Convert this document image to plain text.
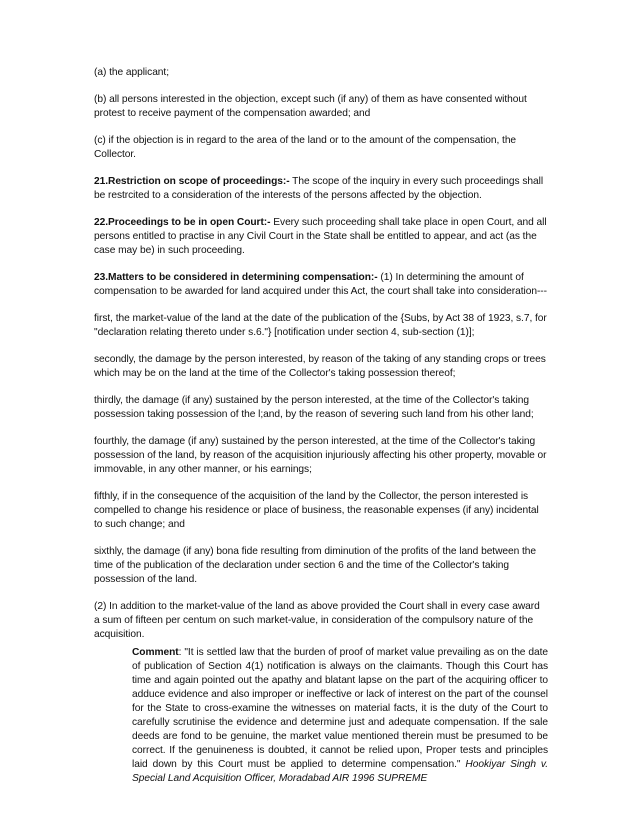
(a) the applicant;

(b) all persons interested in the objection, except such (if any) of them as have consented without protest to receive payment of the compensation awarded; and

(c) if the objection is in regard to the area of the land or to the amount of the compensation, the Collector.

21.Restriction on scope of proceedings:- The scope of the inquiry in every such proceedings shall be restrcited to a consideration of the interests of the persons affected by the objection.

22.Proceedings to be in open Court:- Every such proceeding shall take place in open Court, and all persons entitled to practise in any Civil Court in the State shall be entitled to appear, and act (as the case may be) in such proceeding.

23.Matters to be considered in determining compensation:- (1) In determining the amount of compensation to be awarded for land acquired under this Act, the court shall take into consideration---

first, the market-value of the land at the date of the publication of the {Subs, by Act 38 of 1923, s.7, for "declaration relating thereto under s.6."} [notification under section 4, sub-section (1)];

secondly, the damage by the person interested, by reason of the taking of any standing crops or trees which may be on the land at the time of the Collector's taking possession thereof;

thirdly, the damage (if any) sustained by the person interested, at the time of the Collector's taking possession taking possession of the l;and, by the reason of severing such land from his other land;

fourthly, the damage (if any) sustained by the person interested, at the time of the Collector's taking possession of the land, by reason of the acquisition injuriously affecting his other property, movable or immovable, in any other manner, or his earnings;

fifthly, if in the consequence of the acquisition of the land by the Collector, the person interested is compelled to change his residence or place of business, the reasonable expenses (if any) incidental to such change; and

sixthly, the damage (if any) bona fide resulting from diminution of the profits of the land between the time of the publication of the declaration under section 6 and the time of the Collector's taking possession of the land.

(2) In addition to the market-value of the land as above provided the Court shall in every case award a sum of fifteen per centum on such market-value, in consideration of the compulsory nature of the acquisition.

Comment: "It is settled law that the burden of proof of market value prevailing as on the date of publication of Section 4(1) notification is always on the claimants. Though this Court has time and again pointed out the apathy and blatant lapse on the part of the acquiring officer to adduce evidence and also improper or ineffective or lack of interest on the part of the counsel for the State to cross-examine the witnesses on material facts, it is the duty of the Court to carefully scrutinise the evidence and determine just and adequate compensation. If the sale deeds are fond to be genuine, the market value mentioned therein must be presumed to be correct. If the genuineness is doubted, it cannot be relied upon, Proper tests and principles laid down by this Court must be applied to determine compensation." Hookiyar Singh v. Special Land Acquisition Officer, Moradabad AIR 1996 SUPREME
